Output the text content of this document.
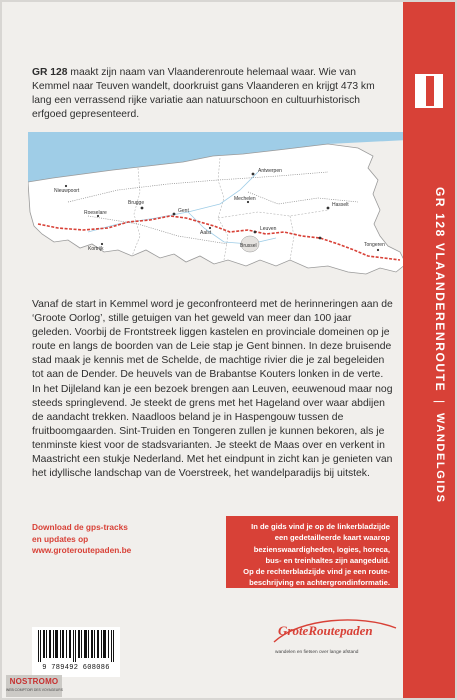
GR 128 maakt zijn naam van Vlaanderenroute helemaal waar. Wie van Kemmel naar Teuven wandelt, doorkruist gans Vlaanderen en krijgt 473 km lang een verrassend rijke variatie aan natuurschoon en cultuurhistorisch erfgoed gepresenteerd.

Antwerpen
Brugge
Gent
Brussel
Leuven
Hasselt
Nieuwpoort
Kortrijk
Roeselare
Aalst
Mechelen
Tongeren

Vanaf de start in Kemmel word je geconfronteerd met de herinneringen aan de ‘Groote Oorlog’, stille getuigen van het geweld van meer dan 100 jaar geleden. Voorbij de Frontstreek liggen kastelen en provinciale domeinen op je route en langs de boorden van de Leie stap je Gent binnen. In deze bruisende stad maak je kennis met de Schelde, de machtige rivier die je zal begeleiden tot aan de Dender. De heuvels van de Brabantse Kouters lonken in de verte. In het Dijleland kan je een bezoek brengen aan Leuven, eeuwenoud maar nog steeds springlevend. Je steekt de grens met het Hageland over waar abdijen de aandacht trekken. Naadloos beland je in Haspengouw tussen de fruitboomgaarden. Sint-Truiden en Tongeren zullen je kunnen bekoren, als je tenminste kiest voor de stadsvarianten. Je steekt de Maas over en verkent in Maastricht een stukje Nederland. Met het eindpunt in zicht kan je genieten van het idyllische landschap van de Voerstreek, het wandelparadijs bij uitstek.

Download de gps-tracks
en updates op
www.groteroutepaden.be
In de gids vind je op de linkerbladzijde
een gedetailleerde kaart waarop
bezienswaardigheden, logies, horeca,
bus- en treinhaltes zijn aangeduid.
Op de rechterbladzijde vind je een route-
beschrijving en achtergrondinformatie.
9 789492 608086
GroteRoutepaden
wandelen en fietsen over lange afstand
GR 128 VLAANDERENROUTE|WANDELGIDS
NOSTROMO
WEB COMPTOIR DES VOYAGEURS
